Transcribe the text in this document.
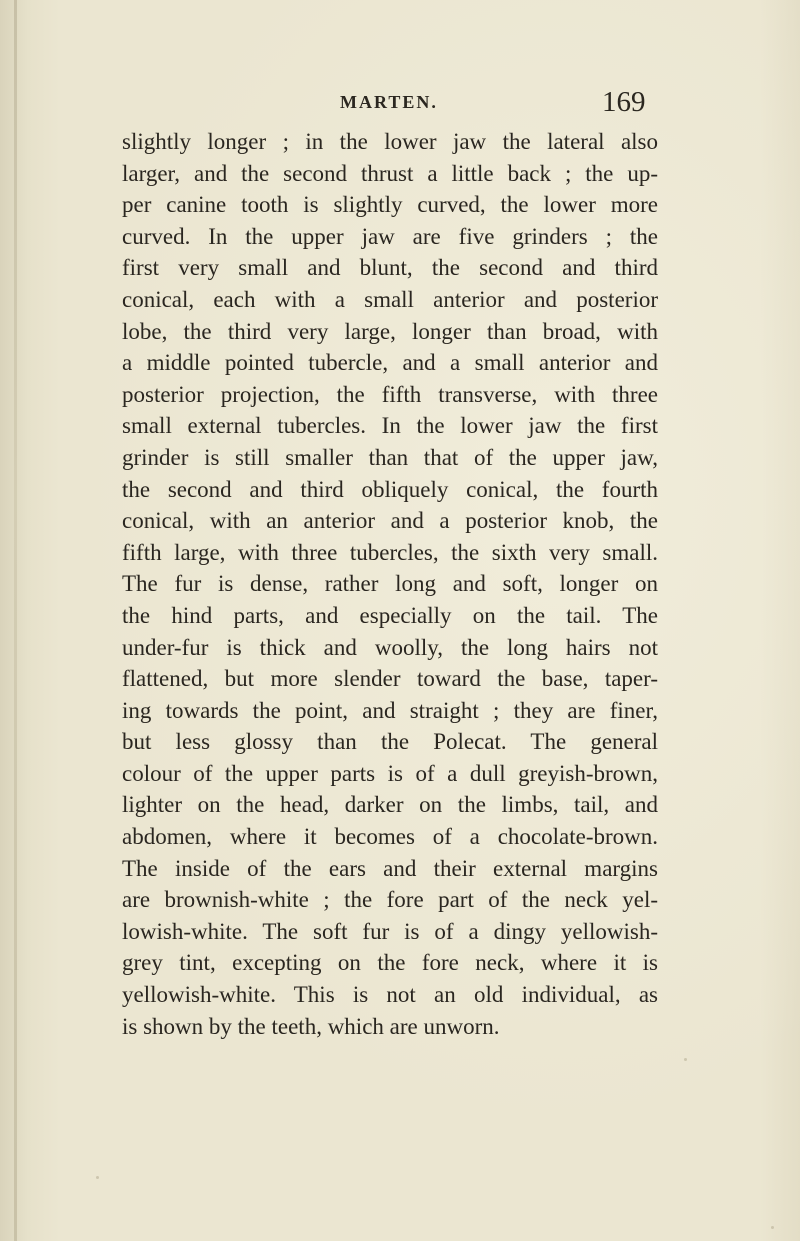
MARTEN.	169
slightly longer ; in the lower jaw the lateral also
larger, and the second thrust a little back ; the up-
per canine tooth is slightly curved, the lower more
curved. In the upper jaw are five grinders ; the
first very small and blunt, the second and third
conical, each with a small anterior and posterior
lobe, the third very large, longer than broad, with
a middle pointed tubercle, and a small anterior and
posterior projection, the fifth transverse, with three
small external tubercles. In the lower jaw the first
grinder is still smaller than that of the upper jaw,
the second and third obliquely conical, the fourth
conical, with an anterior and a posterior knob, the
fifth large, with three tubercles, the sixth very small.
The fur is dense, rather long and soft, longer on
the hind parts, and especially on the tail. The
under-fur is thick and woolly, the long hairs not
flattened, but more slender toward the base, taper-
ing towards the point, and straight ; they are finer,
but less glossy than the Polecat. The general
colour of the upper parts is of a dull greyish-brown,
lighter on the head, darker on the limbs, tail, and
abdomen, where it becomes of a chocolate-brown.
The inside of the ears and their external margins
are brownish-white ; the fore part of the neck yel-
lowish-white. The soft fur is of a dingy yellowish-
grey tint, excepting on the fore neck, where it is
yellowish-white. This is not an old individual, as
is shown by the teeth, which are unworn.
